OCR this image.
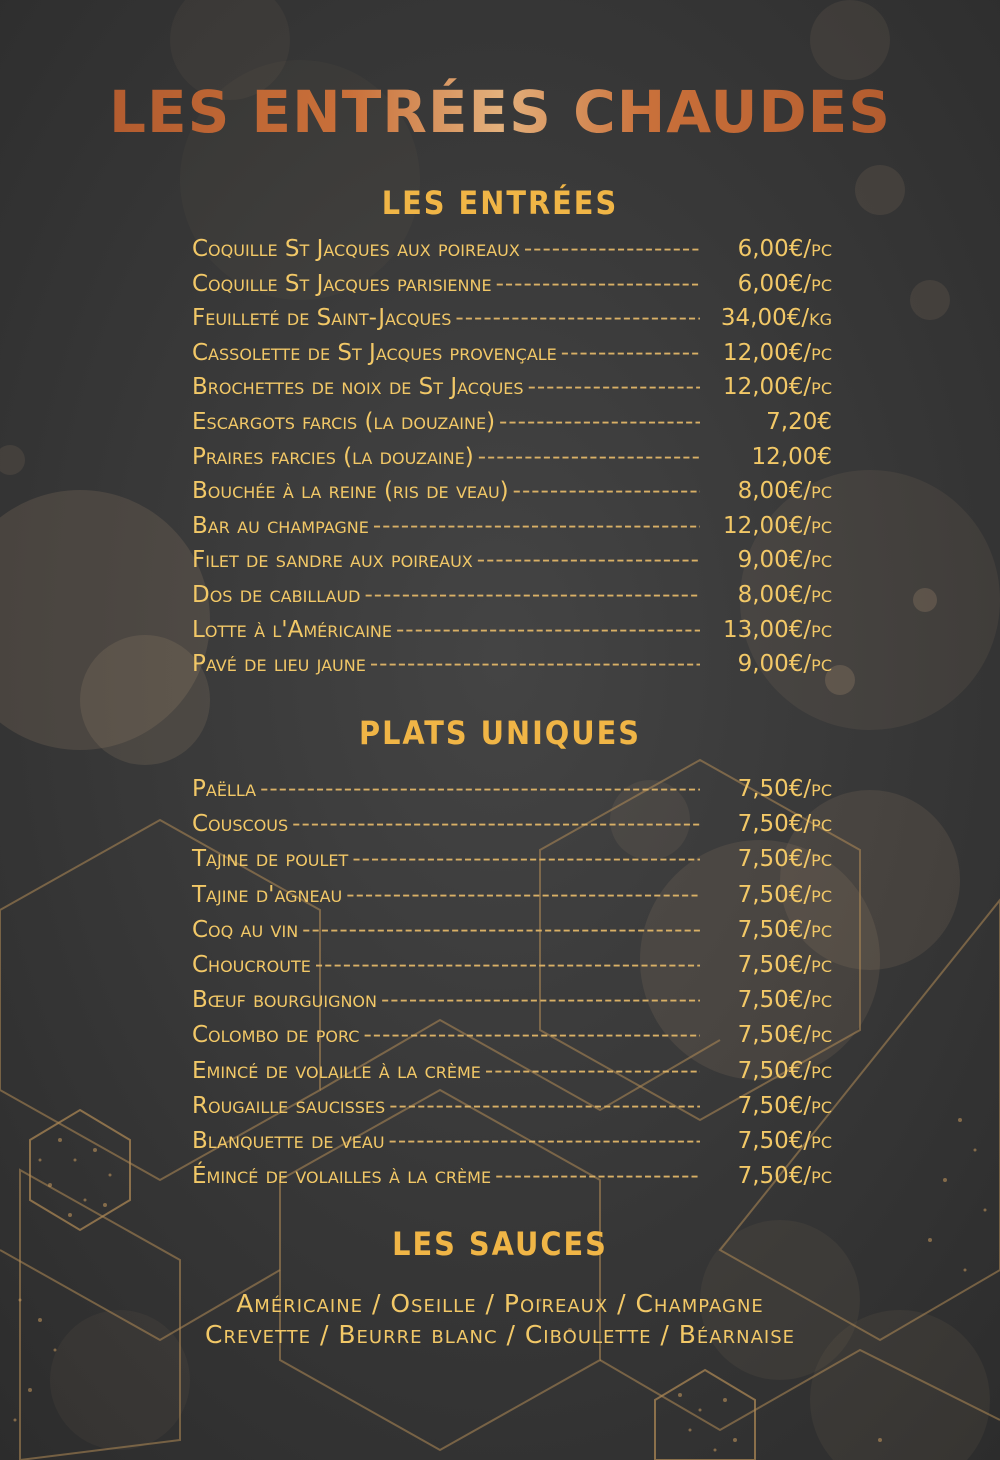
LES ENTRÉES CHAUDES
LES ENTRÉES
Coquille St Jacques aux poireaux -----	6,00€/pc
Coquille St Jacques parisienne -----	6,00€/pc
Feuilleté de Saint-Jacques -----	34,00€/kg
Cassolette de St Jacques provençale -----	12,00€/pc
Brochettes de noix de St Jacques -----	12,00€/pc
Escargots farcis (la douzaine) -----	7,20€
Praires farcies (la douzaine) -----	12,00€
Bouchée à la reine (ris de veau) -----	8,00€/pc
Bar au champagne -----	12,00€/pc
Filet de sandre aux poireaux -----	9,00€/pc
Dos de cabillaud -----	8,00€/pc
Lotte à l'Américaine -----	13,00€/pc
Pavé de lieu jaune -----	9,00€/pc
PLATS UNIQUES
Paëlla -----	7,50€/pc
Couscous -----	7,50€/pc
Tajine de poulet -----	7,50€/pc
Tajine d'agneau -----	7,50€/pc
Coq au vin -----	7,50€/pc
Choucroute -----	7,50€/pc
Bœuf bourguignon -----	7,50€/pc
Colombo de porc -----	7,50€/pc
Emincé de volaille à la crème -----	7,50€/pc
Rougaille saucisses -----	7,50€/pc
Blanquette de veau -----	7,50€/pc
Émincé de volailles à la crème -----	7,50€/pc
LES SAUCES
Américaine / Oseille / Poireaux / Champagne
Crevette / Beurre blanc / Ciboulette / Béarnaise
